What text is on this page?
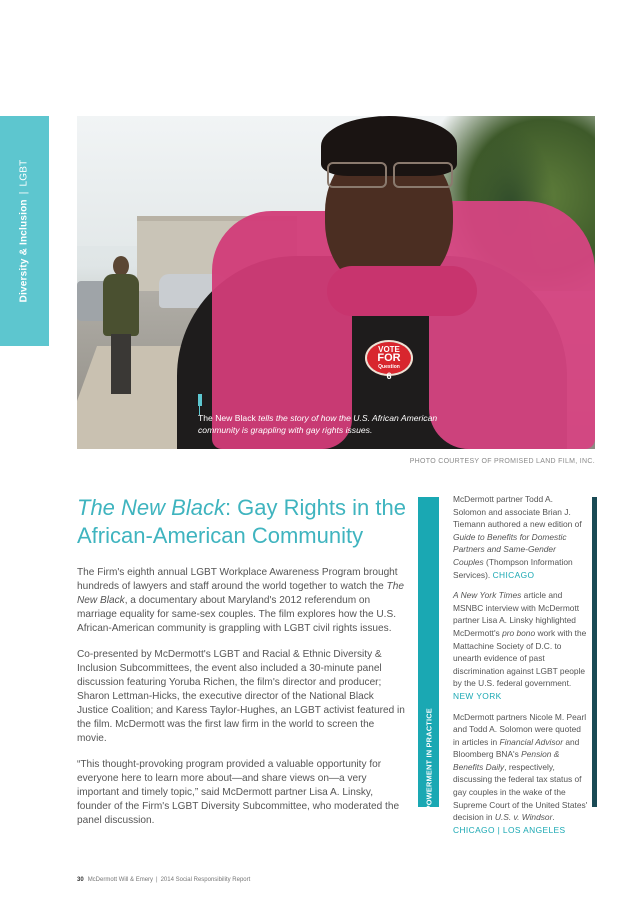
Diversity & Inclusion|LGBT
VOTE
FOR
Question
6
The New Black tells the story of how the U.S. African American community is grappling with gay rights issues.
PHOTO COURTESY OF PROMISED LAND FILM, INC.
The New Black: Gay Rights in the African-American Community

The Firm's eighth annual LGBT Workplace Awareness Program brought hundreds of lawyers and staff around the world together to watch the The New Black, a documentary about Maryland's 2012 referendum on marriage equality for same-sex couples. The film explores how the U.S. African-American community is grappling with LGBT civil rights issues.

Co-presented by McDermott's LGBT and Racial & Ethnic Diversity & Inclusion Subcommittees, the event also included a 30-minute panel discussion featuring Yoruba Richen, the film's director and producer; Sharon Lettman-Hicks, the executive director of the National Black Justice Coalition; and Karess Taylor-Hughes, an LGBT activist featured in the film. McDermott was the first law firm in the world to screen the movie.

“This thought-provoking program provided a valuable opportunity for everyone here to learn more about—and share views on—a very important and timely topic,” said McDermott partner Lisa A. Linsky, founder of the Firm's LGBT Diversity Subcommittee, who moderated the panel discussion.	EMPOWERMENT IN PRACTICE

McDermott partner Todd A. Solomon and associate Brian J. Tiemann authored a new edition of Guide to Benefits for Domestic Partners and Same-Gender Couples (Thompson Information Services). CHICAGO

A New York Times article and MSNBC interview with McDermott partner Lisa A. Linsky highlighted McDermott's pro bono work with the Mattachine Society of D.C. to unearth evidence of past discrimination against LGBT people by the U.S. federal government. NEW YORK

McDermott partners Nicole M. Pearl and Todd A. Solomon were quoted in articles in Financial Advisor and Bloomberg BNA's Pension & Benefits Daily, respectively, discussing the federal tax status of gay couples in the wake of the Supreme Court of the United States' decision in U.S. v. Windsor.
CHICAGO | LOS ANGELES

30 McDermott Will & Emery | 2014 Social Responsibility Report
